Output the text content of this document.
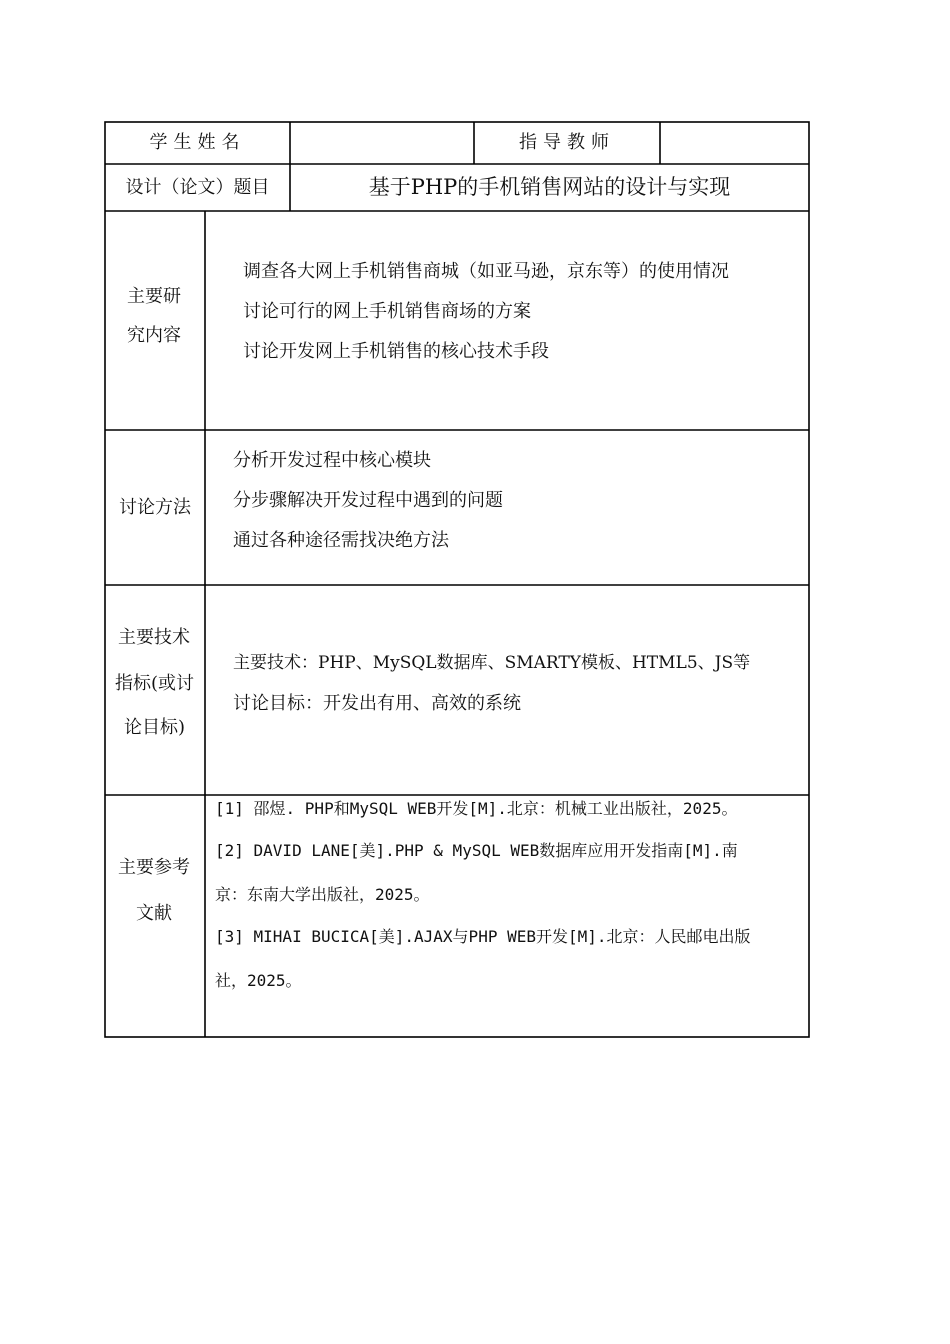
学生姓名	指导教师
设计（论文）题目	基于PHP的手机销售网站的设计与实现
主要研
究内容
调查各大网上手机销售商城（如亚马逊，京东等）的使用情况
讨论可行的网上手机销售商场的方案
讨论开发网上手机销售的核心技术手段
讨论方法
分析开发过程中核心模块
分步骤解决开发过程中遇到的问题
通过各种途径需找决绝方法
主要技术
指标(或讨
论目标)
主要技术：PHP、MySQL数据库、SMARTY模板、HTML5、JS等
讨论目标：开发出有用、高效的系统
主要参考
文献
[1] 邵煜. PHP和MySQL WEB开发[M].北京：机械工业出版社，2025。
[2] DAVID LANE[美].PHP & MySQL WEB数据库应用开发指南[M].南
京：东南大学出版社，2025。
[3] MIHAI BUCICA[美].AJAX与PHP WEB开发[M].北京：人民邮电出版
社，2025。
